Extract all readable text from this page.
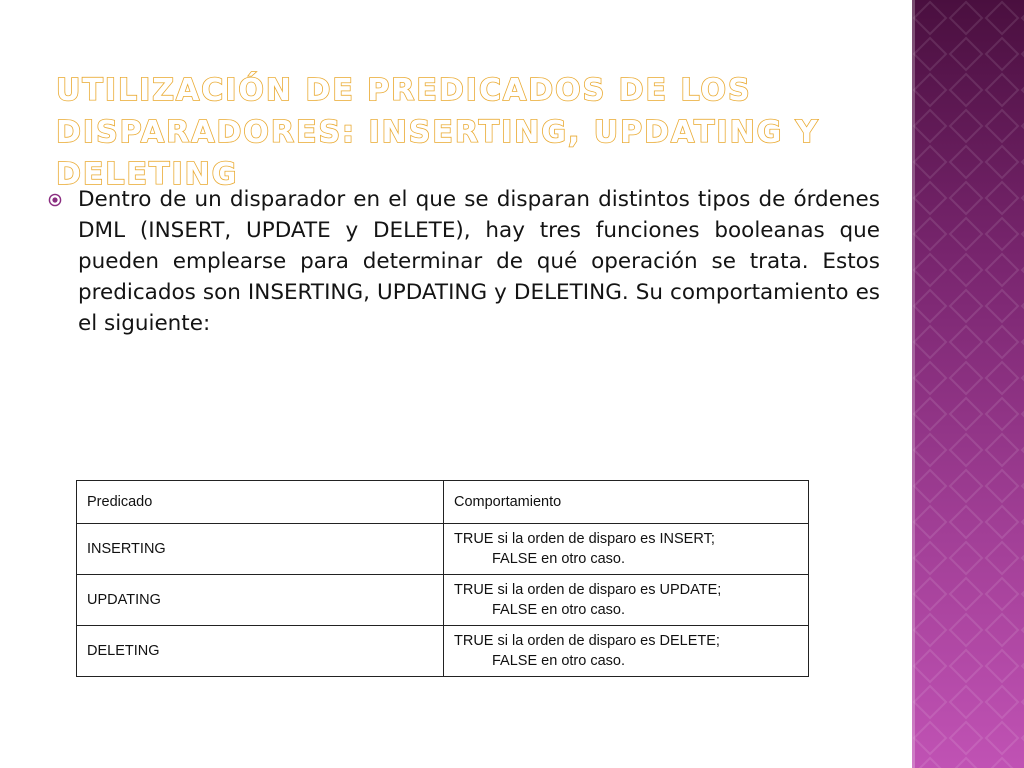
UTILIZACIÓN DE PREDICADOS DE LOS DISPARADORES: INSERTING, UPDATING Y DELETING

Dentro de un disparador en el que se disparan distintos tipos de órdenes DML (INSERT, UPDATE y DELETE), hay tres funciones booleanas que pueden emplearse para determinar de qué operación se trata. Estos predicados son INSERTING, UPDATING y DELETING. Su comportamiento es el siguiente:

Predicado	Comportamiento
INSERTING	TRUE si la orden de disparo es INSERT;
FALSE en otro caso.

UPDATING	TRUE si la orden de disparo es UPDATE;
FALSE en otro caso.

DELETING	TRUE si la orden de disparo es DELETE;
FALSE en otro caso.
